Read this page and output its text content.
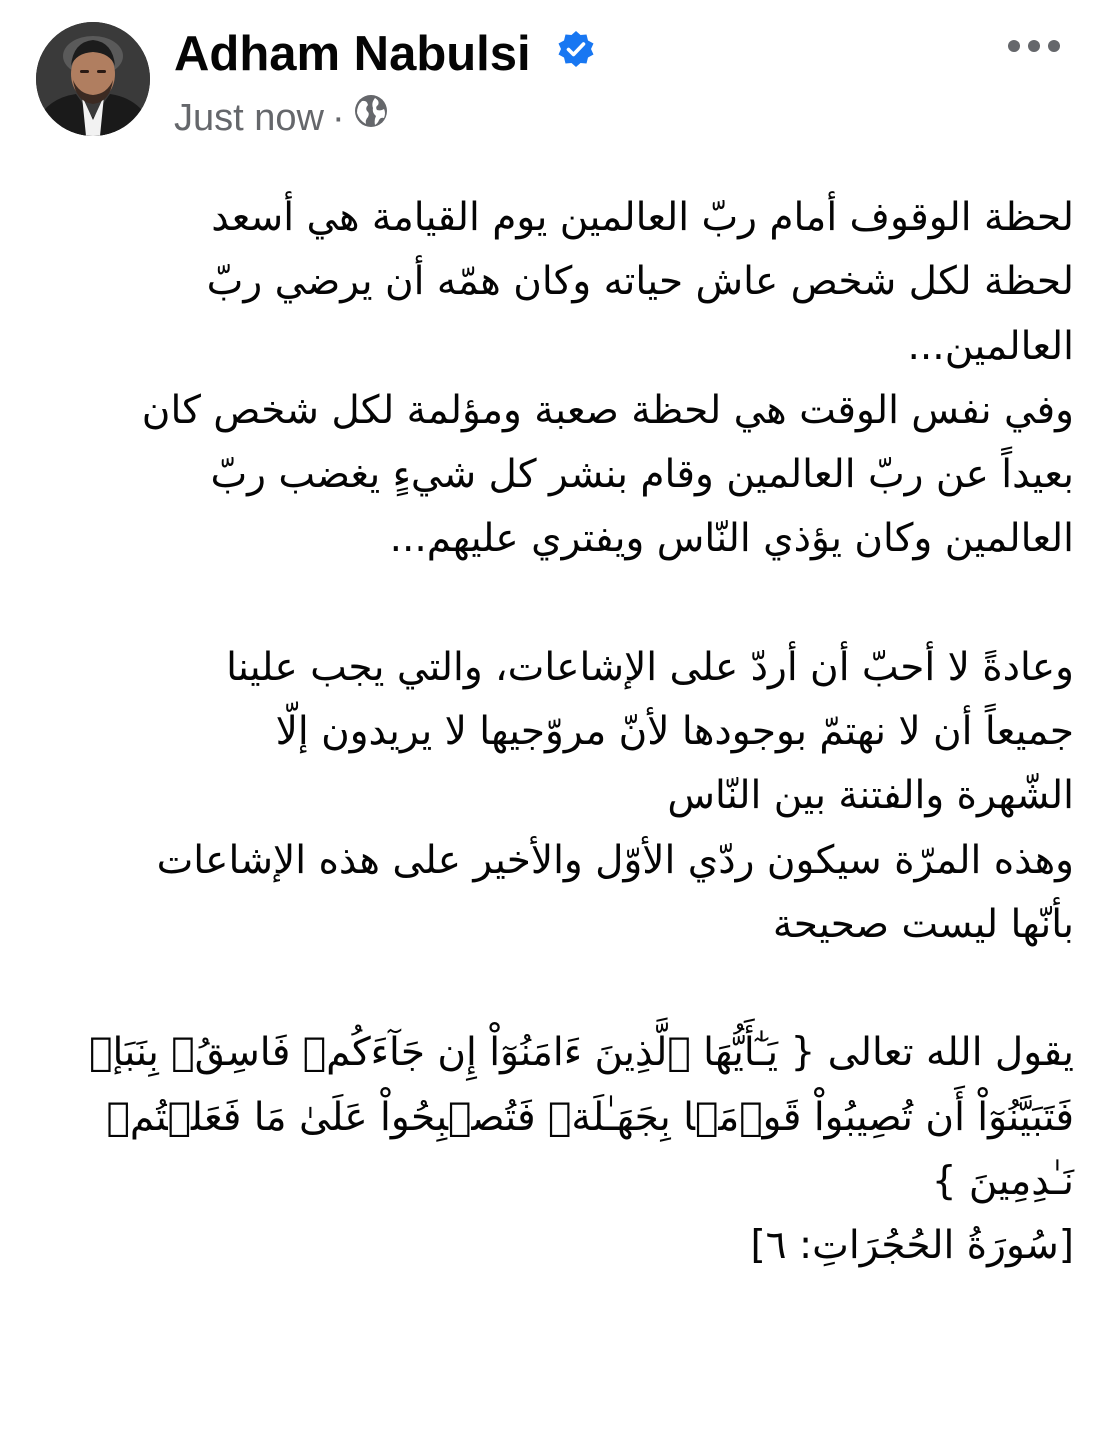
Adham Nabulsi
Just now ·

لحظة الوقوف أمام ربّ العالمين يوم القيامة هي أسعد
لحظة لكل شخص عاش حياته وكان همّه أن يرضي ربّ
العالمين...

وفي نفس الوقت هي لحظة صعبة ومؤلمة لكل شخص كان
بعيداً عن ربّ العالمين وقام بنشر كل شيءٍ يغضب ربّ
العالمين وكان يؤذي النّاس ويفتري عليهم...

وعادةً لا أحبّ أن أردّ على الإشاعات، والتي يجب علينا
جميعاً أن لا نهتمّ بوجودها لأنّ مروّجيها لا يريدون إلّا
الشّهرة والفتنة بين النّاس

وهذه المرّة سيكون ردّي الأوّل والأخير على هذه الإشاعات
بأنّها ليست صحيحة

يقول الله تعالى { يَـٰٓأَيُّهَا ٱلَّذِينَ ءَامَنُوٓاْ إِن جَآءَكُمۡ فَاسِقُۢ بِنَبَإٖ
فَتَبَيَّنُوٓاْ أَن تُصِيبُواْ قَوۡمَۢا بِجَهَـٰلَةٖ فَتُصۡبِحُواْ عَلَىٰ مَا فَعَلۡتُمۡ
نَـٰدِمِينَ }

[سُورَةُ الحُجُرَاتِ: ٦]
